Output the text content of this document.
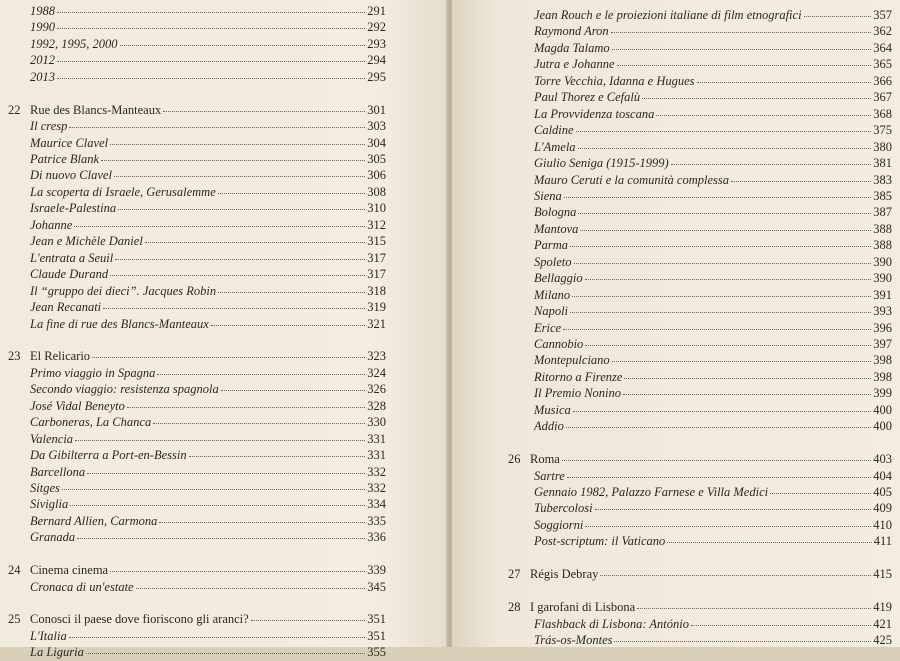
1988	291
1990	292
1992, 1995, 2000	293
2012	294
2013	295
22 Rue des Blancs-Manteaux	301
Il cresp	303
Maurice Clavel	304
Patrice Blank	305
Di nuovo Clavel	306
La scoperta di Israele, Gerusalemme	308
Israele-Palestina	310
Johanne	312
Jean e Michèle Daniel	315
L'entrata a Seuil	317
Claude Durand	317
Il “gruppo dei dieci”. Jacques Robin	318
Jean Recanati	319
La fine di rue des Blancs-Manteaux	321
23 El Relicario	323
Primo viaggio in Spagna	324
Secondo viaggio: resistenza spagnola	326
José Vidal Beneyto	328
Carboneras, La Chanca	330
Valencia	331
Da Gibilterra a Port-en-Bessin	331
Barcellona	332
Sitges	332
Siviglia	334
Bernard Allien, Carmona	335
Granada	336
24 Cinema cinema	339
Cronaca di un'estate	345
25 Conosci il paese dove fioriscono gli aranci?	351
L'Italia	351
La Liguria	355
Jean Rouch e le proiezioni italiane di film etnografici	357
Raymond Aron	362
Magda Talamo	364
Jutra e Johanne	365
Torre Vecchia, Idanna e Hugues	366
Paul Thorez e Cefalù	367
La Provvidenza toscana	368
Caldine	375
L'Amela	380
Giulio Seniga (1915-1999)	381
Mauro Ceruti e la comunità complessa	383
Siena	385
Bologna	387
Mantova	388
Parma	388
Spoleto	390
Bellaggio	390
Milano	391
Napoli	393
Erice	396
Cannobio	397
Montepulciano	398
Ritorno a Firenze	398
Il Premio Nonino	399
Musica	400
Addio	400
26 Roma	403
Sartre	404
Gennaio 1982, Palazzo Farnese e Villa Medici	405
Tubercolosi	409
Soggiorni	410
Post-scriptum: il Vaticano	411
27 Régis Debray	415
28 I garofani di Lisbona	419
Flashback di Lisbona: António	421
Trás-os-Montes	425
